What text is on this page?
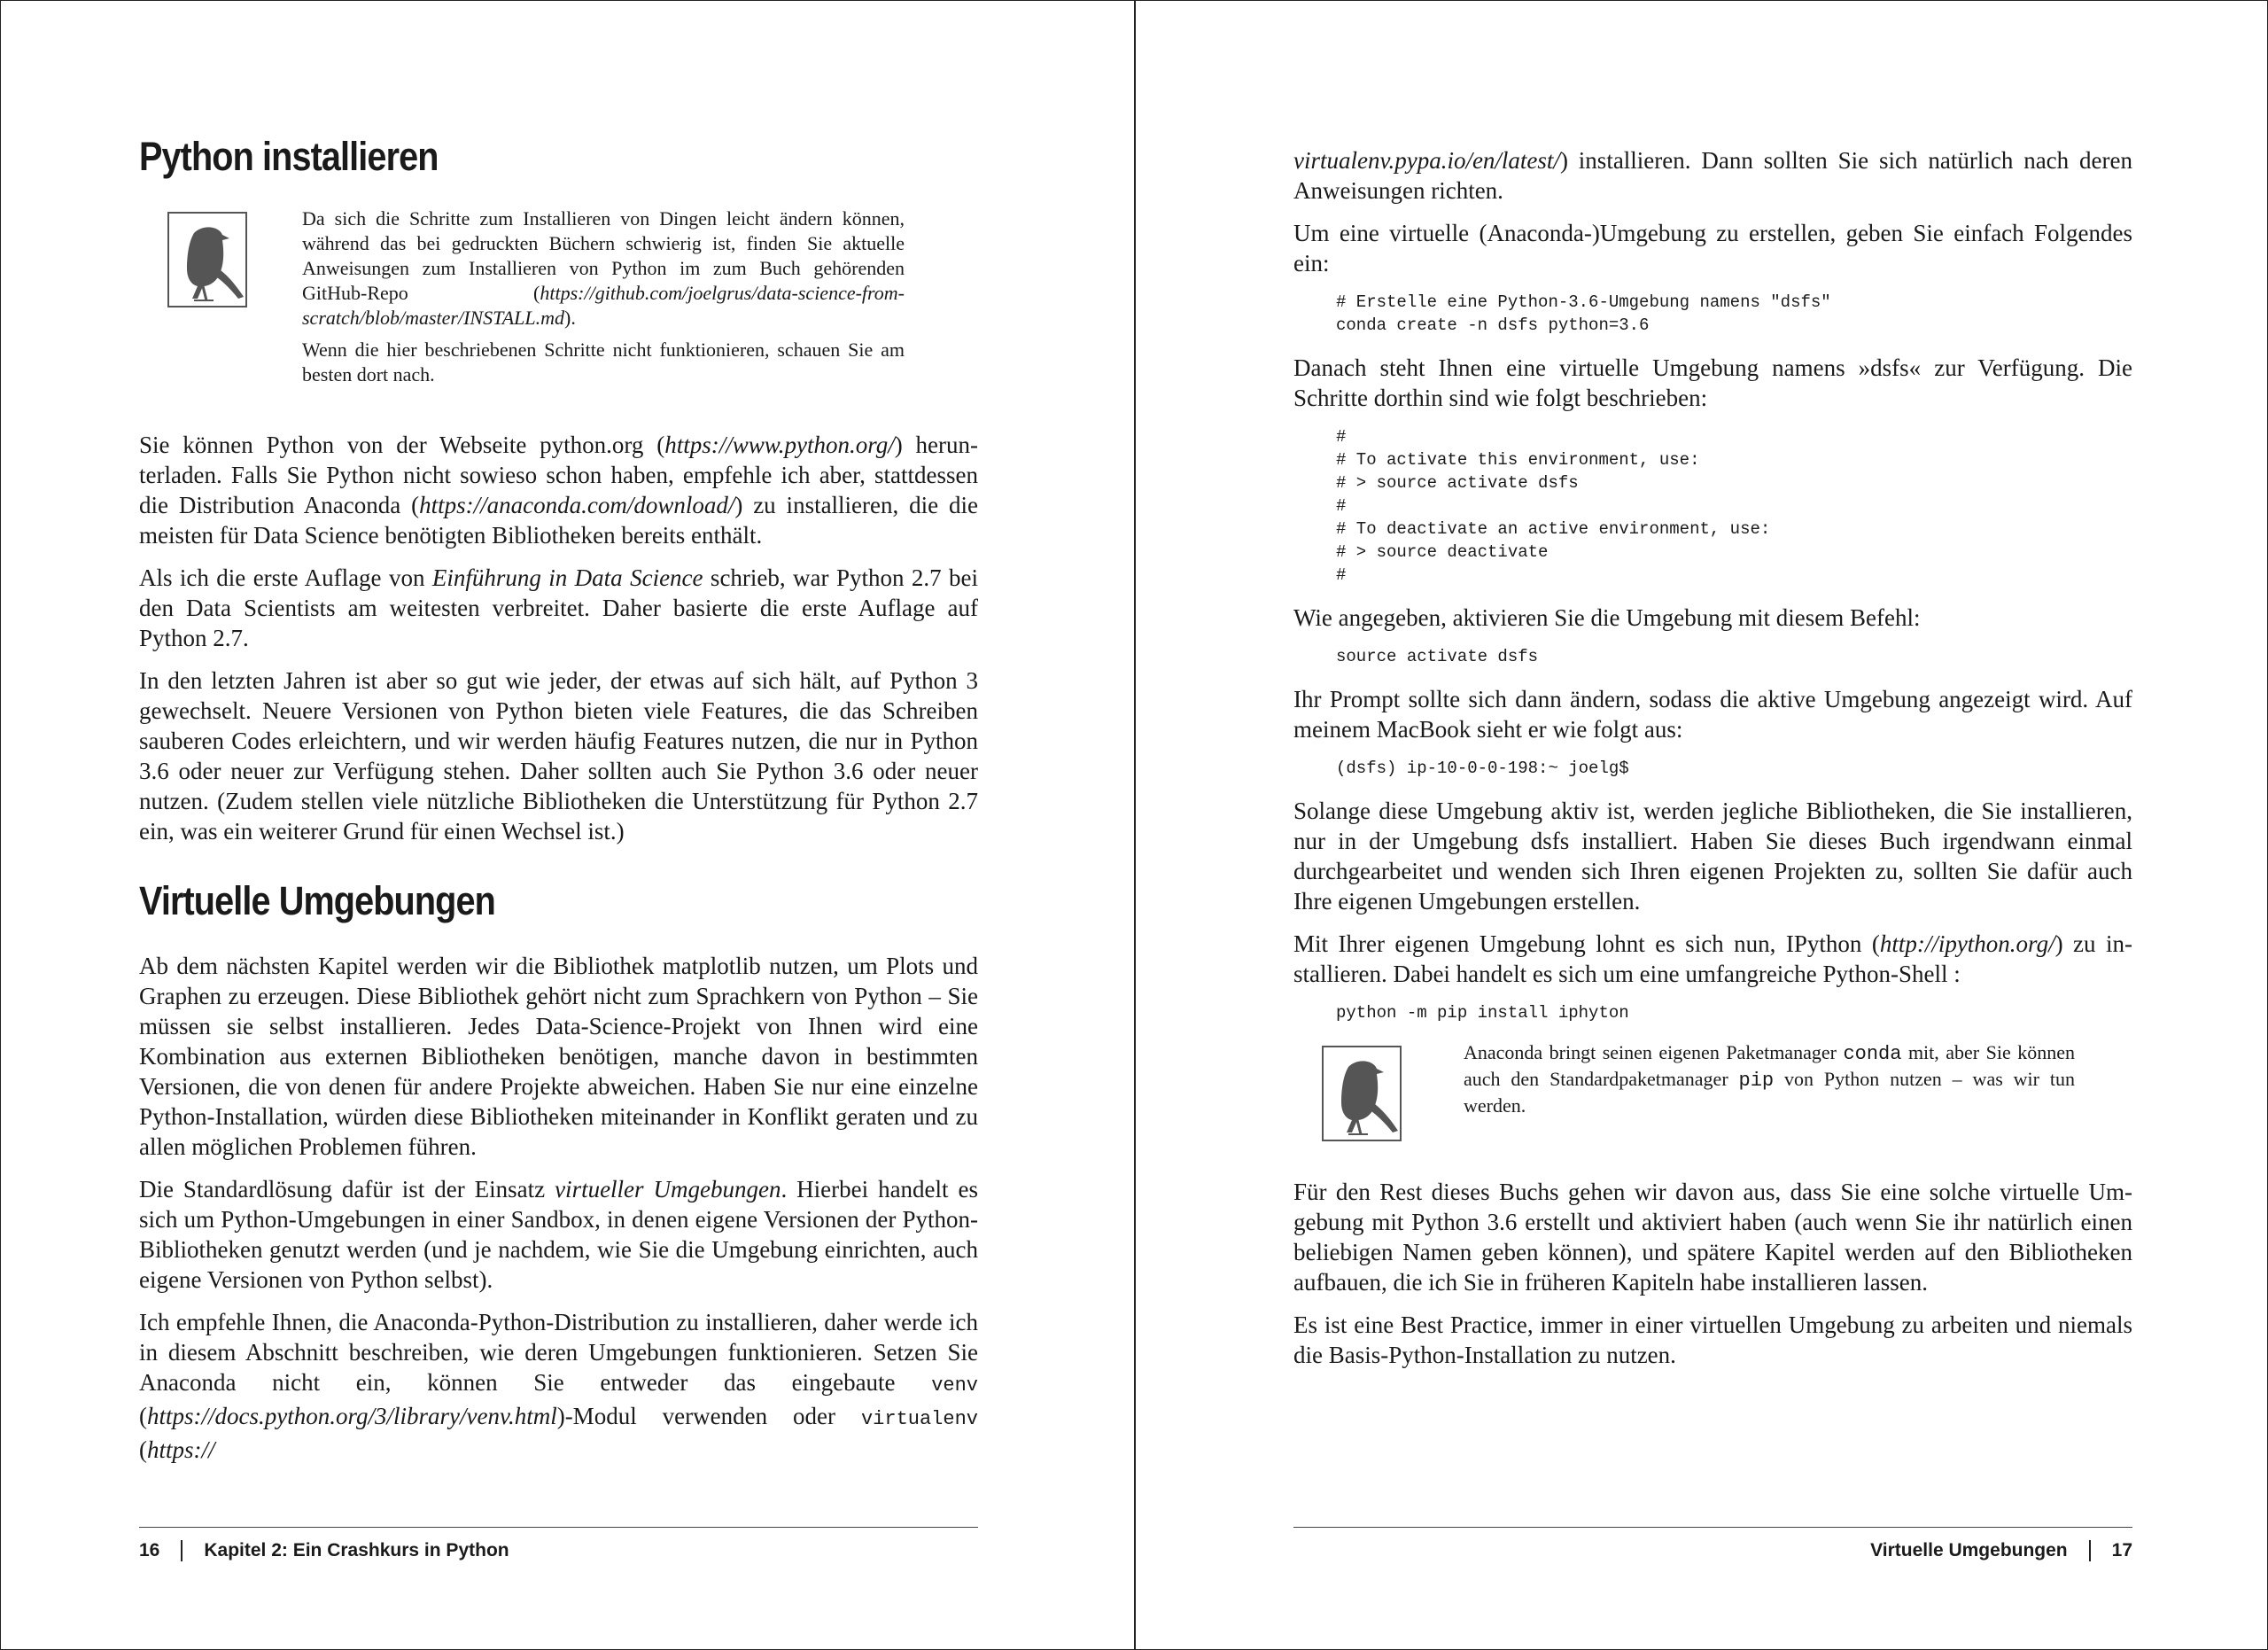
Python installieren

Da sich die Schritte zum Installieren von Dingen leicht ändern können, während das bei gedruckten Büchern schwierig ist, finden Sie aktuelle Anweisungen zum Installieren von Python im zum Buch gehörenden GitHub-Repo (https://github.com/joelgrus/data-science-from-scratch/blob/master/INSTALL.md).

Wenn die hier beschriebenen Schritte nicht funktionieren, schauen Sie am besten dort nach.

Sie können Python von der Webseite python.org (https://www.python.org/) herunterladen. Falls Sie Python nicht sowieso schon haben, empfehle ich aber, stattdessen die Distribution Anaconda (https://anaconda.com/download/) zu installieren, die die meisten für Data Science benötigten Bibliotheken bereits enthält.

Als ich die erste Auflage von Einführung in Data Science schrieb, war Python 2.7 bei den Data Scientists am weitesten verbreitet. Daher basierte die erste Auflage auf Python 2.7.

In den letzten Jahren ist aber so gut wie jeder, der etwas auf sich hält, auf Python 3 gewechselt. Neuere Versionen von Python bieten viele Features, die das Schreiben sauberen Codes erleichtern, und wir werden häufig Features nutzen, die nur in Python 3.6 oder neuer zur Verfügung stehen. Daher sollten auch Sie Python 3.6 oder neuer nutzen. (Zudem stellen viele nützliche Bibliotheken die Unterstützung für Python 2.7 ein, was ein weiterer Grund für einen Wechsel ist.)

Virtuelle Umgebungen

Ab dem nächsten Kapitel werden wir die Bibliothek matplotlib nutzen, um Plots und Graphen zu erzeugen. Diese Bibliothek gehört nicht zum Sprachkern von Python – Sie müssen sie selbst installieren. Jedes Data-Science-Projekt von Ihnen wird eine Kombination aus externen Bibliotheken benötigen, manche davon in bestimmten Versionen, die von denen für andere Projekte abweichen. Haben Sie nur eine einzelne Python-Installation, würden diese Bibliotheken miteinander in Konflikt geraten und zu allen möglichen Problemen führen.

Die Standardlösung dafür ist der Einsatz virtueller Umgebungen. Hierbei handelt es sich um Python-Umgebungen in einer Sandbox, in denen eigene Versionen der Python-Bibliotheken genutzt werden (und je nachdem, wie Sie die Umgebung einrichten, auch eigene Versionen von Python selbst).

Ich empfehle Ihnen, die Anaconda-Python-Distribution zu installieren, daher werde ich in diesem Abschnitt beschreiben, wie deren Umgebungen funktionieren. Setzen Sie Anaconda nicht ein, können Sie entweder das eingebaute venv (https://docs.python.org/3/library/venv.html)-Modul verwenden oder virtualenv (https://

16 Kapitel 2: Ein Crashkurs in Python

virtualenv.pypa.io/en/latest/) installieren. Dann sollten Sie sich natürlich nach deren Anweisungen richten.

Um eine virtuelle (Anaconda-)Umgebung zu erstellen, geben Sie einfach Folgendes ein:

# Erstelle eine Python-3.6-Umgebung namens "dsfs"
conda create -n dsfs python=3.6

Danach steht Ihnen eine virtuelle Umgebung namens »dsfs« zur Verfügung. Die Schritte dorthin sind wie folgt beschrieben:

#
# To activate this environment, use:
# > source activate dsfs
#
# To deactivate an active environment, use:
# > source deactivate
#

Wie angegeben, aktivieren Sie die Umgebung mit diesem Befehl:

source activate dsfs

Ihr Prompt sollte sich dann ändern, sodass die aktive Umgebung angezeigt wird. Auf meinem MacBook sieht er wie folgt aus:

(dsfs) ip-10-0-0-198:~ joelg$

Solange diese Umgebung aktiv ist, werden jegliche Bibliotheken, die Sie installieren, nur in der Umgebung dsfs installiert. Haben Sie dieses Buch irgendwann einmal durchgearbeitet und wenden sich Ihren eigenen Projekten zu, sollten Sie dafür auch Ihre eigenen Umgebungen erstellen.

Mit Ihrer eigenen Umgebung lohnt es sich nun, IPython (http://ipython.org/) zu installieren. Dabei handelt es sich um eine umfangreiche Python-Shell :

python -m pip install iphyton

Anaconda bringt seinen eigenen Paketmanager conda mit, aber Sie können auch den Standardpaketmanager pip von Python nutzen – was wir tun werden.

Für den Rest dieses Buchs gehen wir davon aus, dass Sie eine solche virtuelle Umgebung mit Python 3.6 erstellt und aktiviert haben (auch wenn Sie ihr natürlich einen beliebigen Namen geben können), und spätere Kapitel werden auf den Bibliotheken aufbauen, die ich Sie in früheren Kapiteln habe installieren lassen.

Es ist eine Best Practice, immer in einer virtuellen Umgebung zu arbeiten und niemals die Basis-Python-Installation zu nutzen.

Virtuelle Umgebungen 17
